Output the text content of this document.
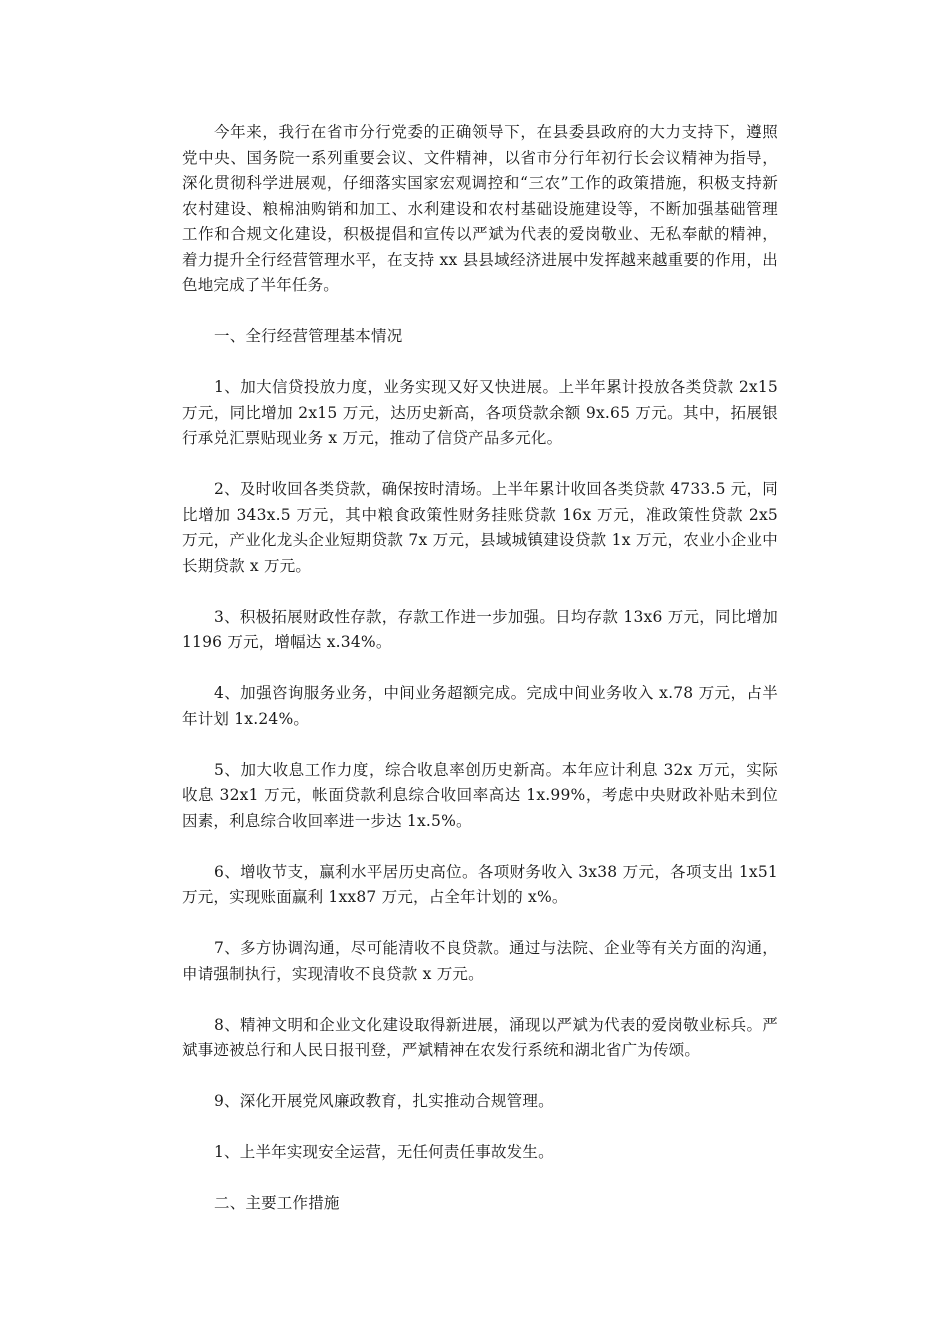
今年来，我行在省市分行党委的正确领导下，在县委县政府的大力支持下，遵照党中央、国务院一系列重要会议、文件精神，以省市分行年初行长会议精神为指导，深化贯彻科学进展观，仔细落实国家宏观调控和“三农”工作的政策措施，积极支持新农村建设、粮棉油购销和加工、水利建设和农村基础设施建设等，不断加强基础管理工作和合规文化建设，积极提倡和宣传以严斌为代表的爱岗敬业、无私奉献的精神，着力提升全行经营管理水平，在支持 xx 县县域经济进展中发挥越来越重要的作用，出色地完成了半年任务。

一、全行经营管理基本情况

1、加大信贷投放力度，业务实现又好又快进展。上半年累计投放各类贷款 2x15 万元，同比增加 2x15 万元，达历史新高，各项贷款余额 9x.65 万元。其中，拓展银行承兑汇票贴现业务 x 万元，推动了信贷产品多元化。

2、及时收回各类贷款，确保按时清场。上半年累计收回各类贷款 4733.5 元，同比增加 343x.5 万元，其中粮食政策性财务挂账贷款 16x 万元，准政策性贷款 2x5 万元，产业化龙头企业短期贷款 7x 万元，县域城镇建设贷款 1x 万元，农业小企业中长期贷款 x 万元。

3、积极拓展财政性存款，存款工作进一步加强。日均存款 13x6 万元，同比增加 1196 万元，增幅达 x.34%。

4、加强咨询服务业务，中间业务超额完成。完成中间业务收入 x.78 万元，占半年计划 1x.24%。

5、加大收息工作力度，综合收息率创历史新高。本年应计利息 32x 万元，实际收息 32x1 万元，帐面贷款利息综合收回率高达 1x.99%，考虑中央财政补贴未到位因素，利息综合收回率进一步达 1x.5%。

6、增收节支，赢利水平居历史高位。各项财务收入 3x38 万元，各项支出 1x51 万元，实现账面赢利 1xx87 万元，占全年计划的 x%。

7、多方协调沟通，尽可能清收不良贷款。通过与法院、企业等有关方面的沟通，申请强制执行，实现清收不良贷款 x 万元。

8、精神文明和企业文化建设取得新进展，涌现以严斌为代表的爱岗敬业标兵。严斌事迹被总行和人民日报刊登，严斌精神在农发行系统和湖北省广为传颂。

9、深化开展党风廉政教育，扎实推动合规管理。

1、上半年实现安全运营，无任何责任事故发生。

二、主要工作措施
